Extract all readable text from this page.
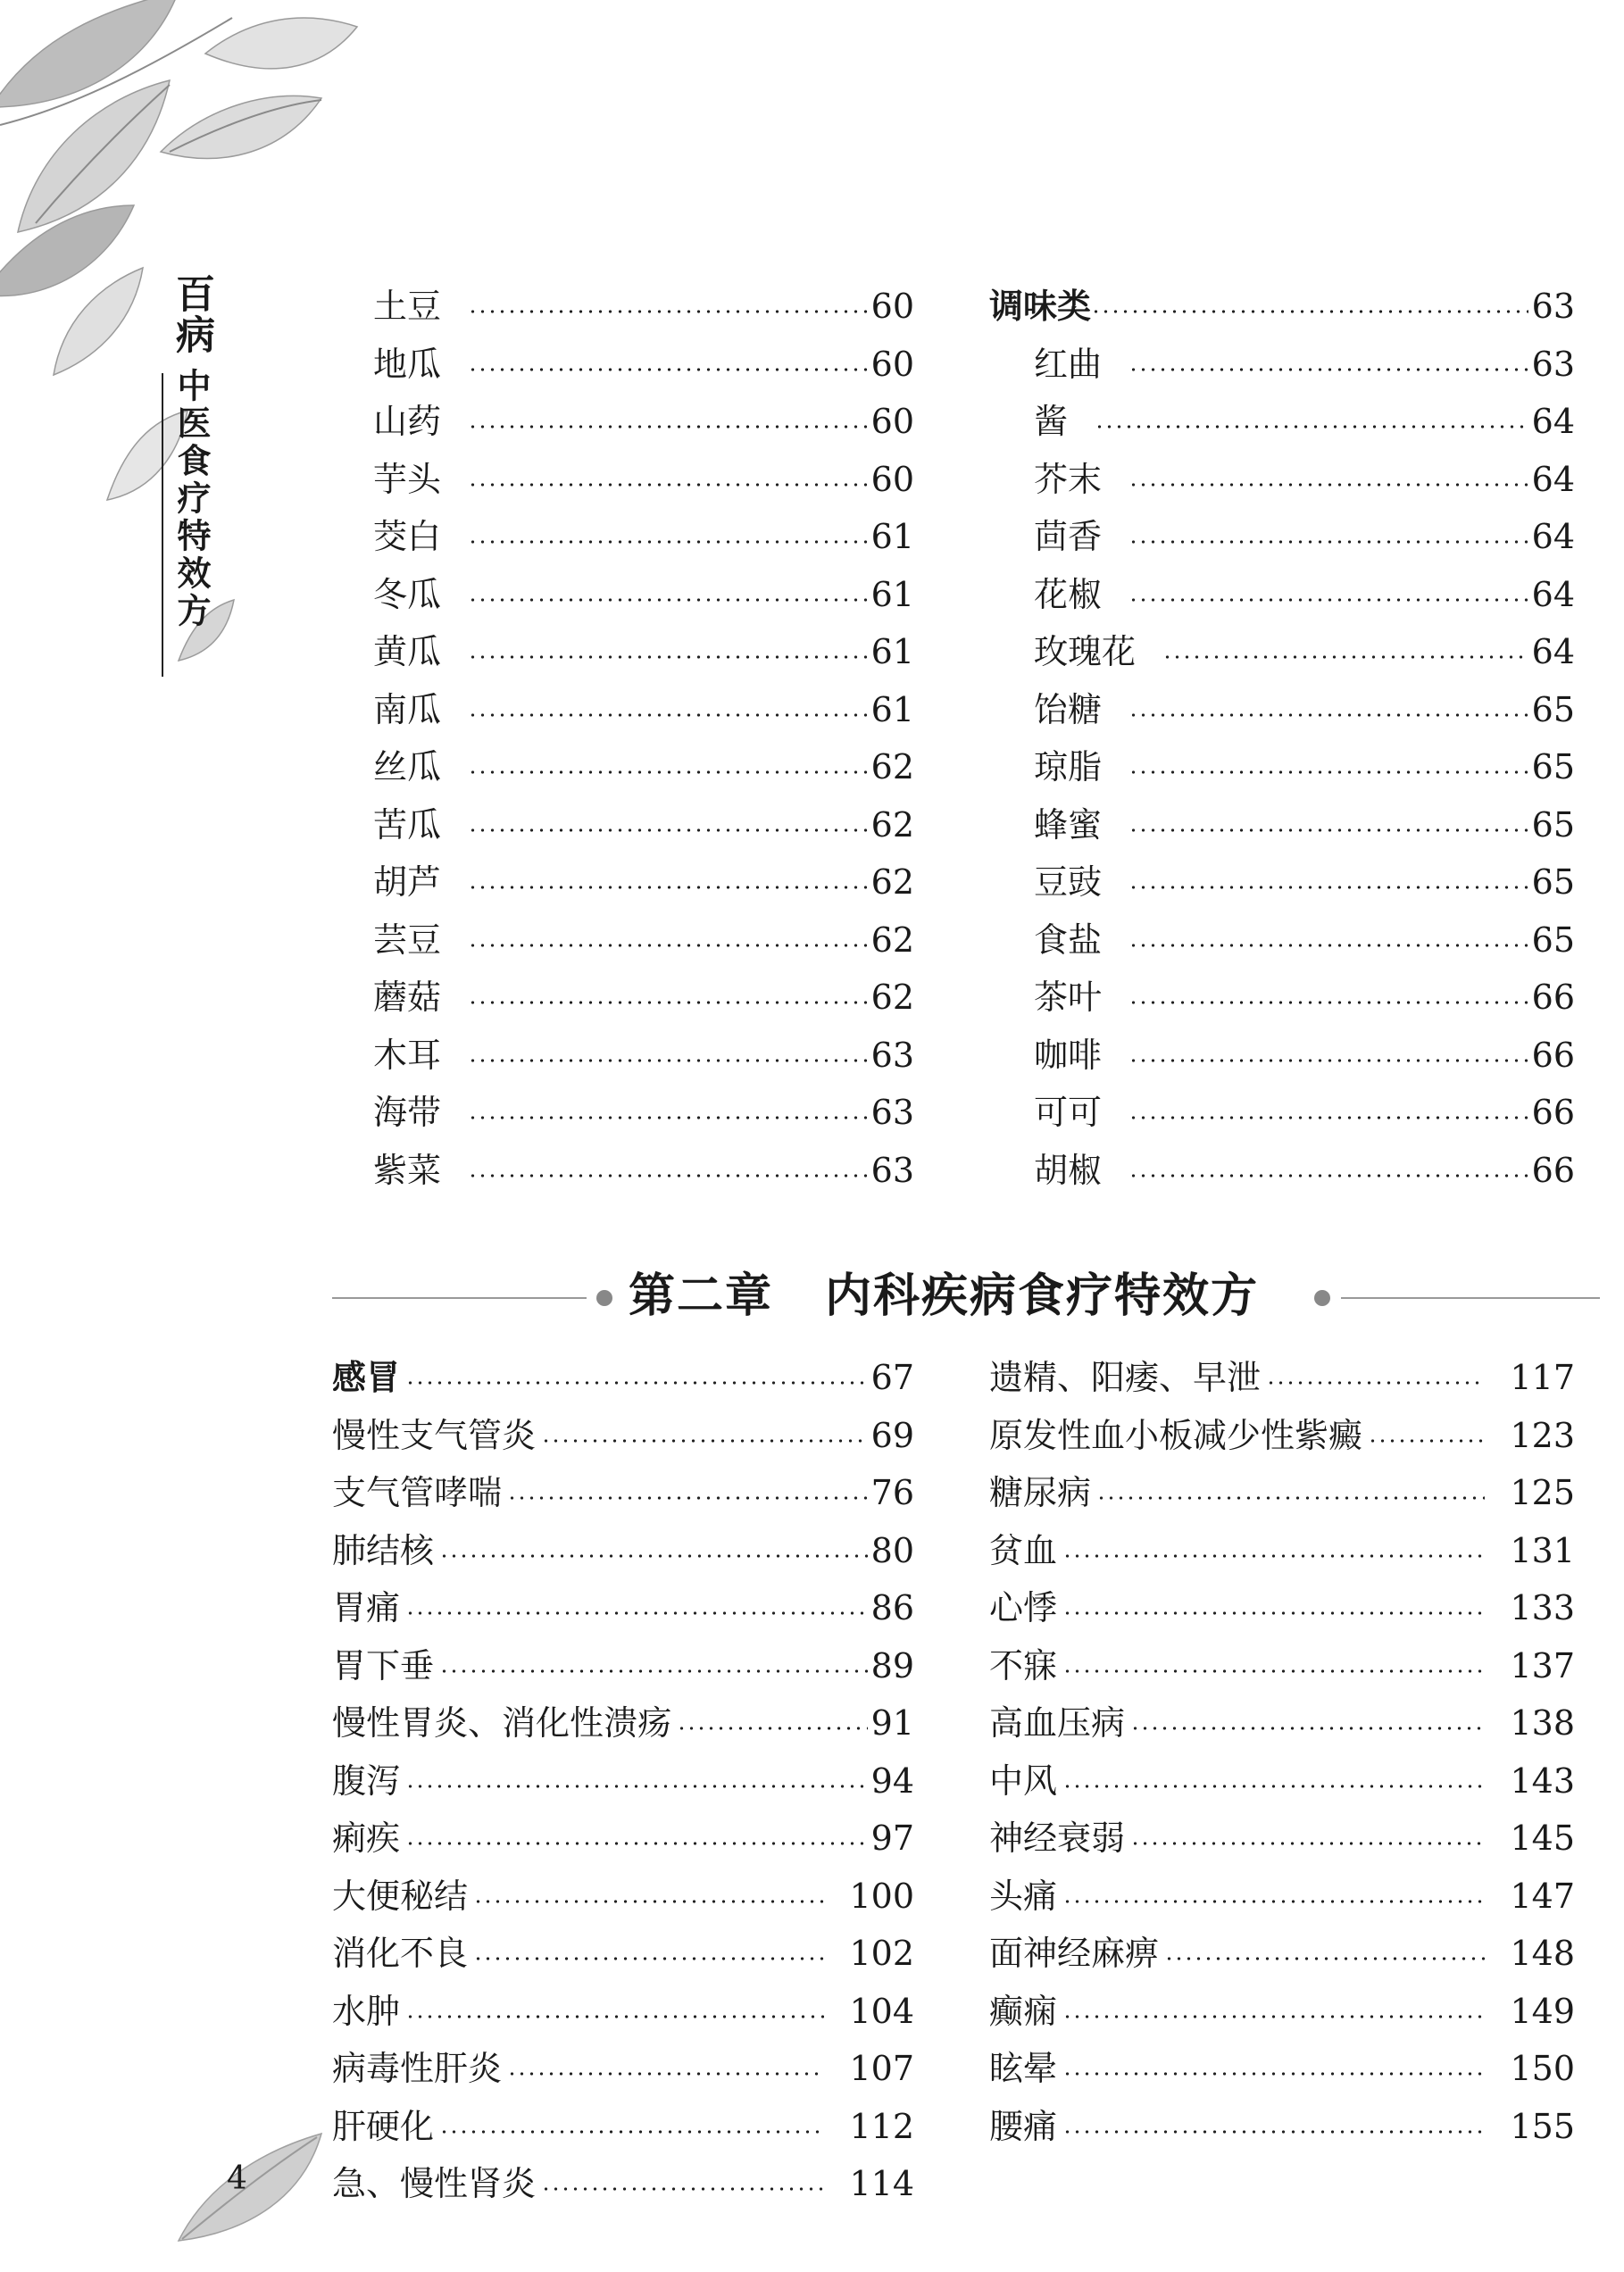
百病
中医食疗特效方
土豆	60
地瓜	60
山药	60
芋头	60
茭白	61
冬瓜	61
黄瓜	61
南瓜	61
丝瓜	62
苦瓜	62
胡芦	62
芸豆	62
蘑菇	62
木耳	63
海带	63
紫菜	63
调味类	63
红曲	63
酱	64
芥末	64
茴香	64
花椒	64
玫瑰花	64
饴糖	65
琼脂	65
蜂蜜	65
豆豉	65
食盐	65
茶叶	66
咖啡	66
可可	66
胡椒	66
第二章 内科疾病食疗特效方
感冒	67
慢性支气管炎	69
支气管哮喘	76
肺结核	80
胃痛	86
胃下垂	89
慢性胃炎、消化性溃疡	91
腹泻	94
痢疾	97
大便秘结	100
消化不良	102
水肿	104
病毒性肝炎	107
肝硬化	112
急、慢性肾炎	114
遗精、阳痿、早泄	117
原发性血小板减少性紫癜	123
糖尿病	125
贫血	131
心悸	133
不寐	137
高血压病	138
中风	143
神经衰弱	145
头痛	147
面神经麻痹	148
癫痫	149
眩晕	150
腰痛	155
4
